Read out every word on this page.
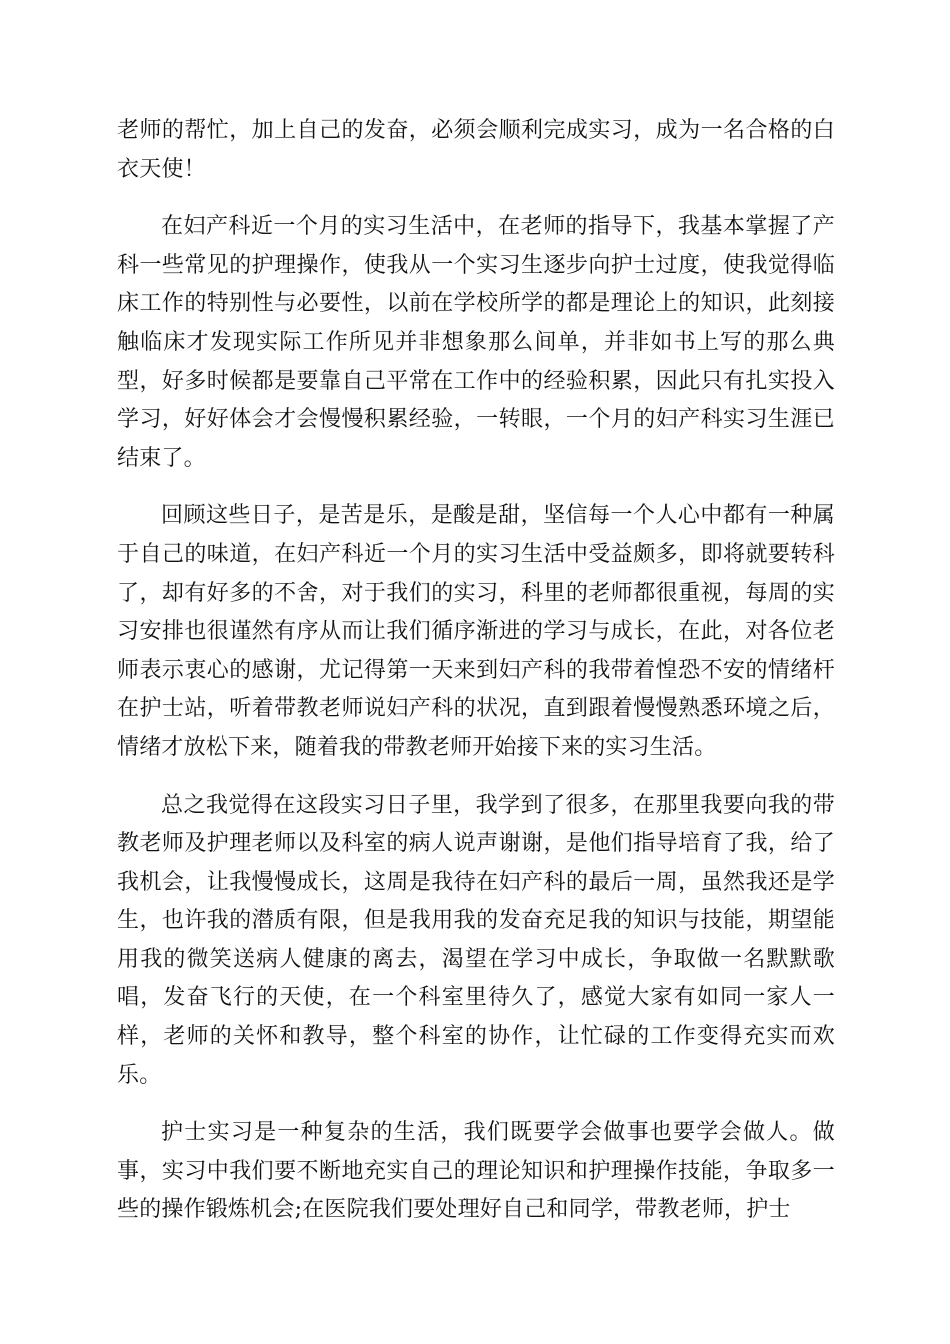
老师的帮忙，加上自己的发奋，必须会顺利完成实习，成为一名合格的白衣天使！

在妇产科近一个月的实习生活中，在老师的指导下，我基本掌握了产科一些常见的护理操作，使我从一个实习生逐步向护士过度，使我觉得临床工作的特别性与必要性，以前在学校所学的都是理论上的知识，此刻接触临床才发现实际工作所见并非想象那么间单，并非如书上写的那么典型，好多时候都是要靠自己平常在工作中的经验积累，因此只有扎实投入学习，好好体会才会慢慢积累经验，一转眼，一个月的妇产科实习生涯已结束了。

回顾这些日子，是苦是乐，是酸是甜，坚信每一个人心中都有一种属于自己的味道，在妇产科近一个月的实习生活中受益颇多，即将就要转科了，却有好多的不舍，对于我们的实习，科里的老师都很重视，每周的实习安排也很谨然有序从而让我们循序渐进的学习与成长，在此，对各位老师表示衷心的感谢，尤记得第一天来到妇产科的我带着惶恐不安的情绪杆在护士站，听着带教老师说妇产科的状况，直到跟着慢慢熟悉环境之后，情绪才放松下来，随着我的带教老师开始接下来的实习生活。

总之我觉得在这段实习日子里，我学到了很多，在那里我要向我的带教老师及护理老师以及科室的病人说声谢谢，是他们指导培育了我，给了我机会，让我慢慢成长，这周是我待在妇产科的最后一周，虽然我还是学生，也许我的潜质有限，但是我用我的发奋充足我的知识与技能，期望能用我的微笑送病人健康的离去，渴望在学习中成长，争取做一名默默歌唱，发奋飞行的天使，在一个科室里待久了，感觉大家有如同一家人一样，老师的关怀和教导，整个科室的协作，让忙碌的工作变得充实而欢乐。

护士实习是一种复杂的生活，我们既要学会做事也要学会做人。做事，实习中我们要不断地充实自己的理论知识和护理操作技能，争取多一些的操作锻炼机会;在医院我们要处理好自己和同学，带教老师，护士
